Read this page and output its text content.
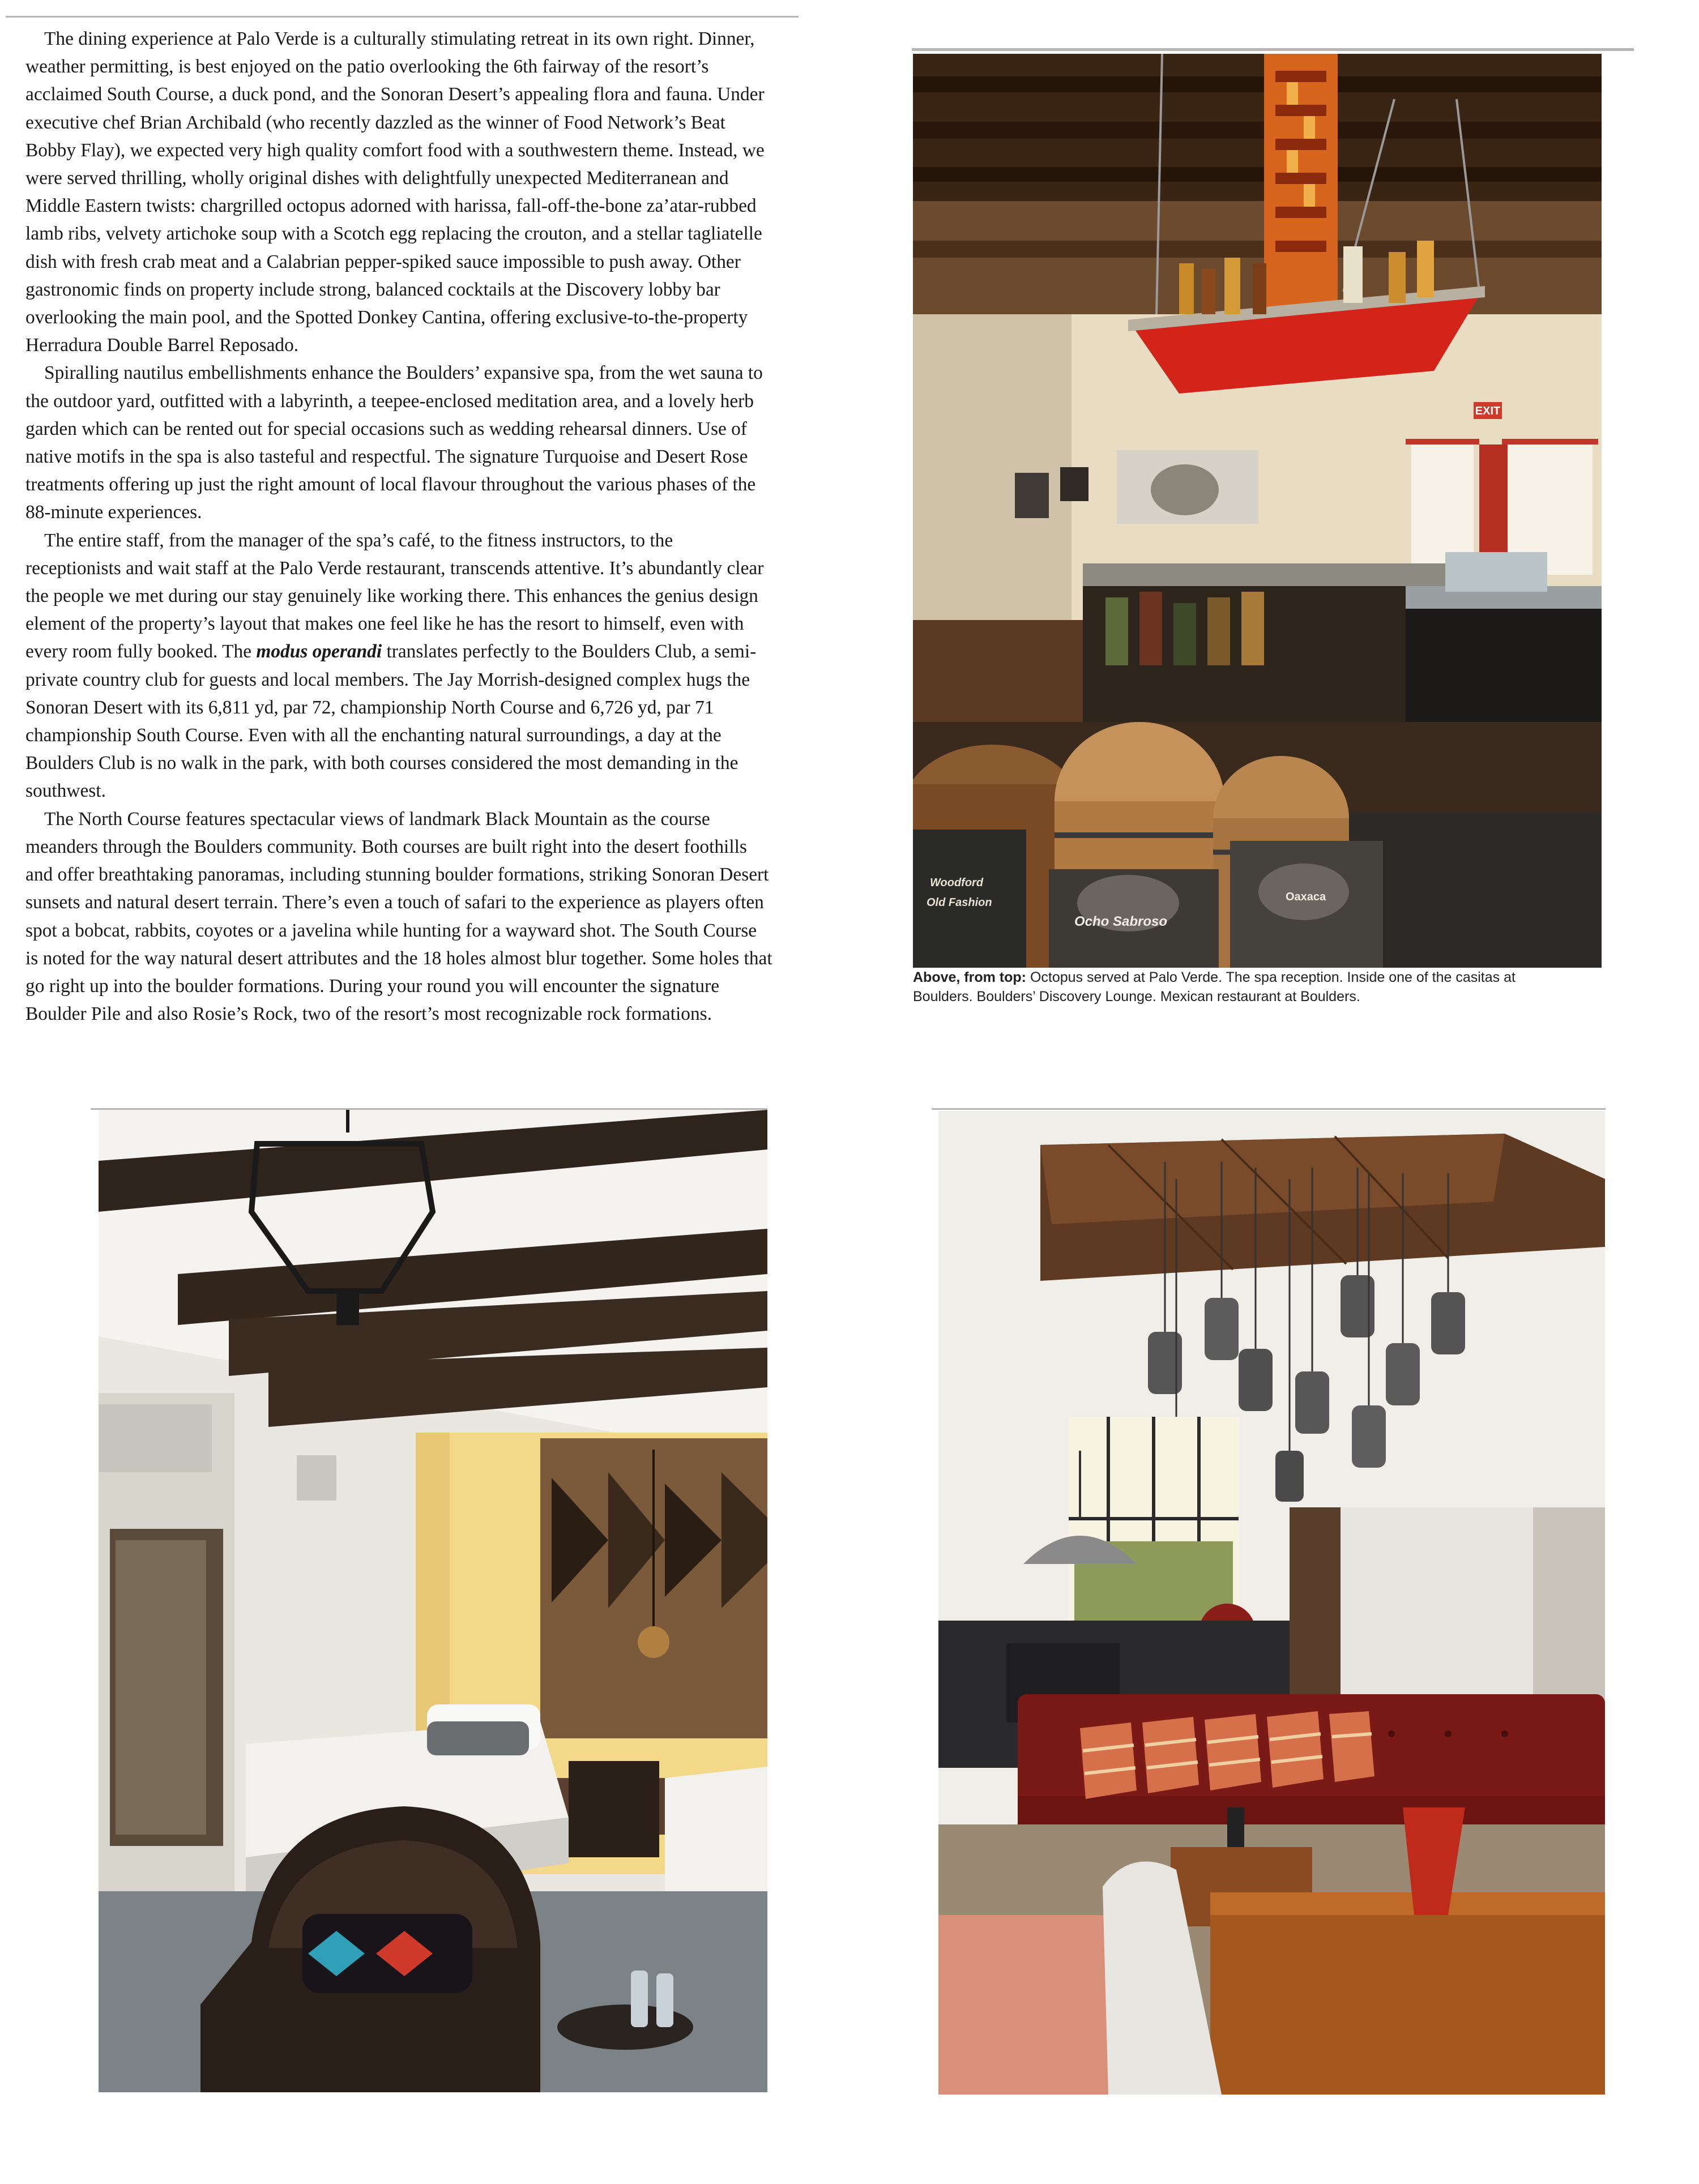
The dining experience at Palo Verde is a culturally stimulating retreat in its own right. Dinner, weather permitting, is best enjoyed on the patio overlooking the 6th fairway of the resort’s acclaimed South Course, a duck pond, and the Sonoran Desert’s appealing flora and fauna. Under executive chef Brian Archibald (who recently dazzled as the winner of Food Network’s Beat Bobby Flay), we expected very high quality comfort food with a southwestern theme. Instead, we were served thrilling, wholly original dishes with delightfully unexpected Mediterranean and Middle Eastern twists: chargrilled octopus adorned with harissa, fall-off-the-bone za’atar-rubbed lamb ribs, velvety artichoke soup with a Scotch egg replacing the crouton, and a stellar tagliatelle dish with fresh crab meat and a Calabrian pepper-spiked sauce impossible to push away. Other gastronomic finds on property include strong, balanced cocktails at the Discovery lobby bar overlooking the main pool, and the Spotted Donkey Cantina, offering exclusive-to-the-property Herradura Double Barrel Reposado.

Spiralling nautilus embellishments enhance the Boulders’ expansive spa, from the wet sauna to the outdoor yard, outfitted with a labyrinth, a teepee-enclosed meditation area, and a lovely herb garden which can be rented out for special occasions such as wedding rehearsal dinners. Use of native motifs in the spa is also tasteful and respectful. The signature Turquoise and Desert Rose treatments offering up just the right amount of local flavour throughout the various phases of the 88-minute experiences.

The entire staff, from the manager of the spa’s café, to the fitness instructors, to the receptionists and wait staff at the Palo Verde restaurant, transcends attentive. It’s abundantly clear the people we met during our stay genuinely like working there. This enhances the genius design element of the property’s layout that makes one feel like he has the resort to himself, even with every room fully booked. The modus operandi translates perfectly to the Boulders Club, a semi-private country club for guests and local members. The Jay Morrish-designed complex hugs the Sonoran Desert with its 6,811 yd, par 72, championship North Course and 6,726 yd, par 71 championship South Course. Even with all the enchanting natural surroundings, a day at the Boulders Club is no walk in the park, with both courses considered the most demanding in the southwest.

The North Course features spectacular views of landmark Black Mountain as the course meanders through the Boulders community. Both courses are built right into the desert foothills and offer breathtaking panoramas, including stunning boulder formations, striking Sonoran Desert sunsets and natural desert terrain. There’s even a touch of safari to the experience as players often spot a bobcat, rabbits, coyotes or a javelina while hunting for a wayward shot. The South Course is noted for the way natural desert attributes and the 18 holes almost blur together. Some holes that go right up into the boulder formations. During your round you will encounter the signature Boulder Pile and also Rosie’s Rock, two of the resort’s most recognizable rock formations.

EXIT
Woodford
Old Fashion
Ocho Sabroso
Oaxaca
Above, from top: Octopus served at Palo Verde. The spa reception. Inside one of the casitas at Boulders. Boulders’ Discovery Lounge. Mexican restaurant at Boulders.
